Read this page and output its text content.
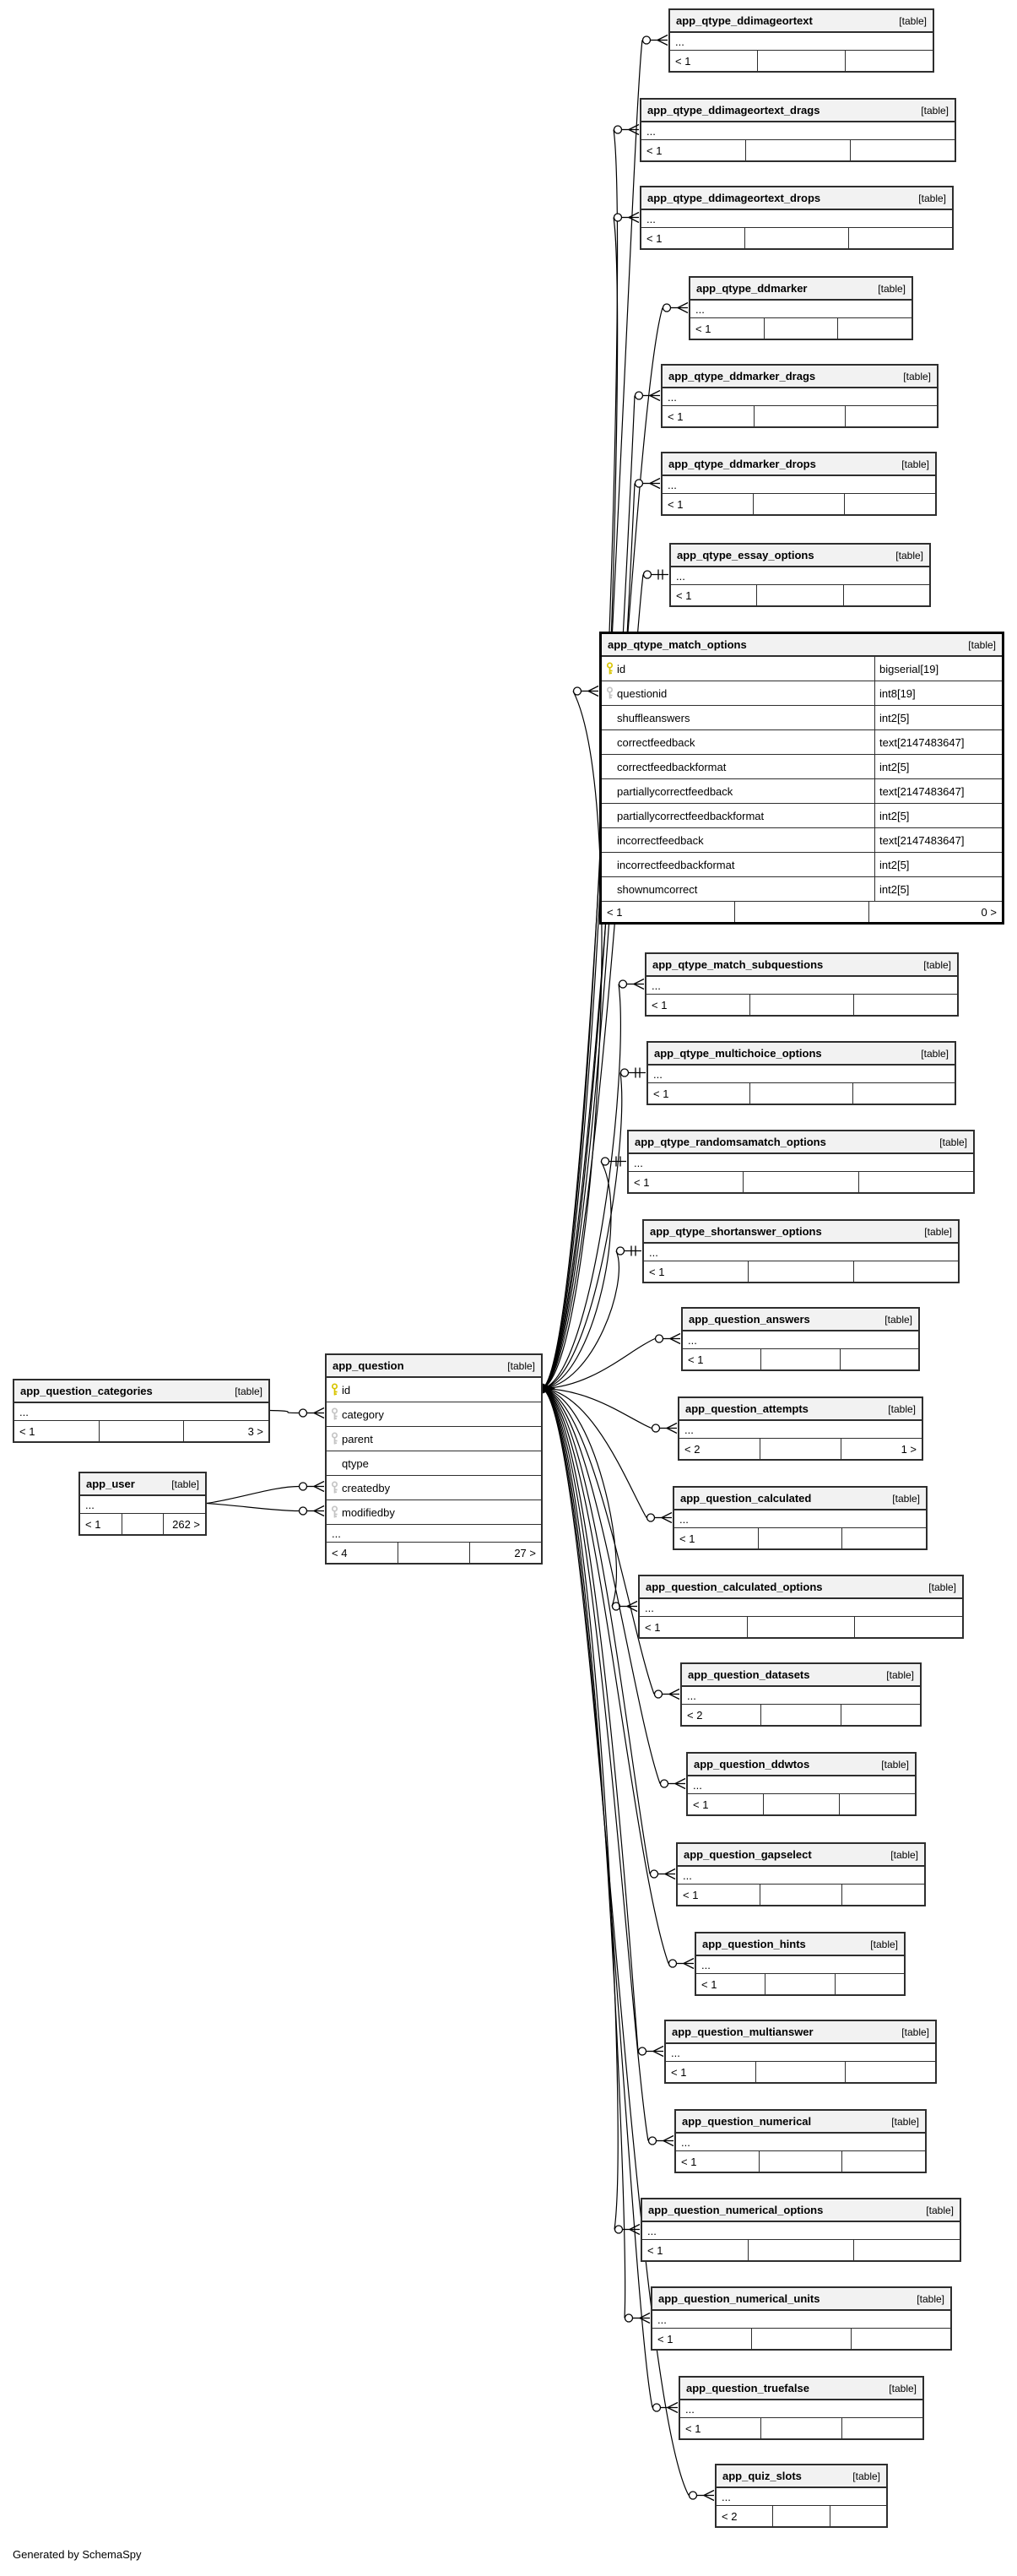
Generated by SchemaSpy
app_question_categories	[table]
...
< 1	3 >
app_user	[table]
...
< 1	262 >
app_question	[table]
id
category
parent
qtype
createdby
modifiedby
...
< 4	27 >
app_qtype_ddimageortext	[table]
...
< 1
app_qtype_ddimageortext_drags	[table]
...
< 1
app_qtype_ddimageortext_drops	[table]
...
< 1
app_qtype_ddmarker	[table]
...
< 1
app_qtype_ddmarker_drags	[table]
...
< 1
app_qtype_ddmarker_drops	[table]
...
< 1
app_qtype_essay_options	[table]
...
< 1
app_qtype_match_options	[table]
id	bigserial[19]
questionid	int8[19]
shuffleanswers	int2[5]
correctfeedback	text[2147483647]
correctfeedbackformat	int2[5]
partiallycorrectfeedback	text[2147483647]
partiallycorrectfeedbackformat	int2[5]
incorrectfeedback	text[2147483647]
incorrectfeedbackformat	int2[5]
shownumcorrect	int2[5]
< 1	0 >
app_qtype_match_subquestions	[table]
...
< 1
app_qtype_multichoice_options	[table]
...
< 1
app_qtype_randomsamatch_options	[table]
...
< 1
app_qtype_shortanswer_options	[table]
...
< 1
app_question_answers	[table]
...
< 1
app_question_attempts	[table]
...
< 2	1 >
app_question_calculated	[table]
...
< 1
app_question_calculated_options	[table]
...
< 1
app_question_datasets	[table]
...
< 2
app_question_ddwtos	[table]
...
< 1
app_question_gapselect	[table]
...
< 1
app_question_hints	[table]
...
< 1
app_question_multianswer	[table]
...
< 1
app_question_numerical	[table]
...
< 1
app_question_numerical_options	[table]
...
< 1
app_question_numerical_units	[table]
...
< 1
app_question_truefalse	[table]
...
< 1
app_quiz_slots	[table]
...
< 2
